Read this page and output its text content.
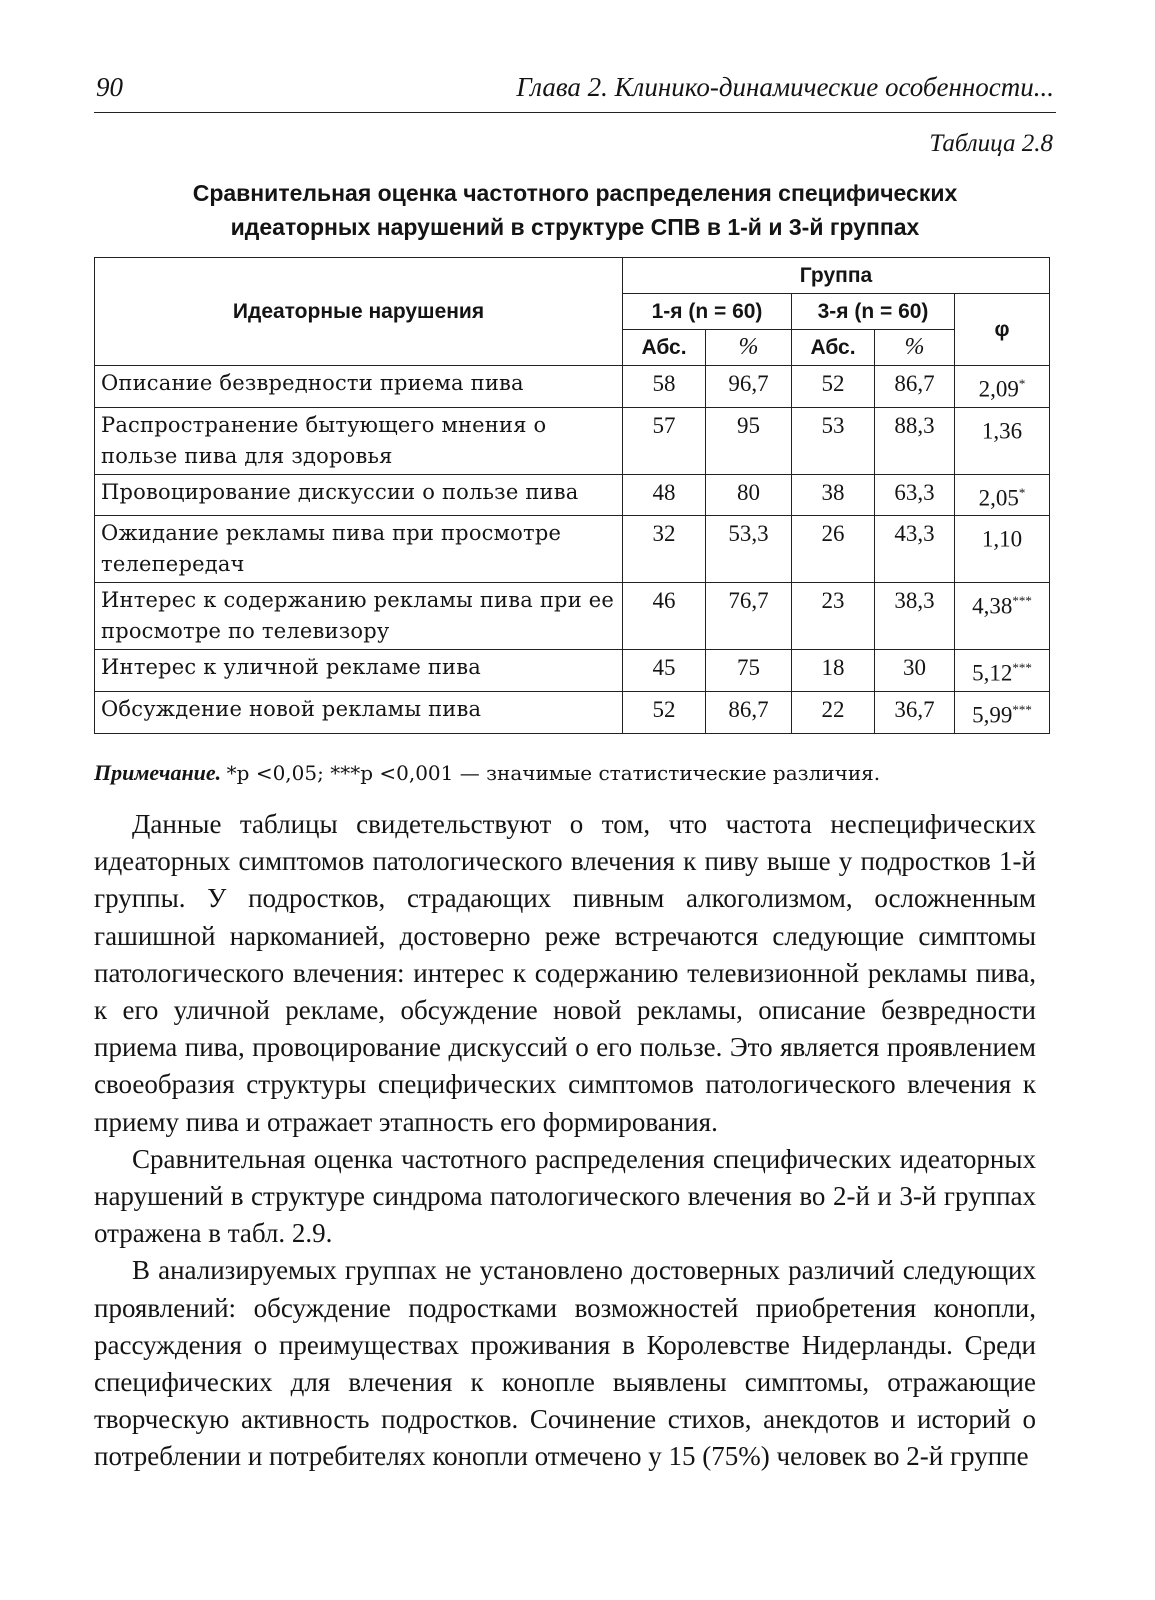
90	Глава 2. Клинико-динамические особенности...
Таблица 2.8
Сравнительная оценка частотного распределения специфических
идеаторных нарушений в структуре СПВ в 1-й и 3-й группах
Идеаторные нарушения	Группа				
	1-я (n = 60)		3-я (n = 60)		φ
	Абс.	%	Абс.	%	
Описание безвредности приема пива	58	96,7	52	86,7	2,09*
Распространение бытующего мнения о пользе пива для здоровья	57	95	53	88,3	1,36
Провоцирование дискуссии о пользе пива	48	80	38	63,3	2,05*
Ожидание рекламы пива при просмотре телепередач	32	53,3	26	43,3	1,10
Интерес к содержанию рекламы пива при ее просмотре по телевизору	46	76,7	23	38,3	4,38***
Интерес к уличной рекламе пива	45	75	18	30	5,12***
Обсуждение новой рекламы пива	52	86,7	22	36,7	5,99***
Примечание. *p <0,05; ***p <0,001 — значимые статистические различия.

Данные таблицы свидетельствуют о том, что частота неспецифических идеаторных симптомов патологического влечения к пиву выше у подростков 1-й группы. У подростков, страдающих пивным алкоголизмом, осложненным гашишной наркоманией, достоверно реже встречаются следующие симптомы патологического влечения: интерес к содержанию телевизионной рекламы пива, к его уличной рекламе, обсуждение новой рекламы, описание безвредности приема пива, провоцирование дискуссий о его пользе. Это является проявлением своеобразия структуры специфических симптомов патологического влечения к приему пива и отражает этапность его формирования.

Сравнительная оценка частотного распределения специфических идеаторных нарушений в структуре синдрома патологического влечения во 2-й и 3-й группах отражена в табл. 2.9.

В анализируемых группах не установлено достоверных различий следующих проявлений: обсуждение подростками возможностей приобретения конопли, рассуждения о преимуществах проживания в Королевстве Нидерланды. Среди специфических для влечения к конопле выявлены симптомы, отражающие творческую активность подростков. Сочинение стихов, анекдотов и историй о потреблении и потребителях конопли отмечено у 15 (75%) человек во 2-й группе
